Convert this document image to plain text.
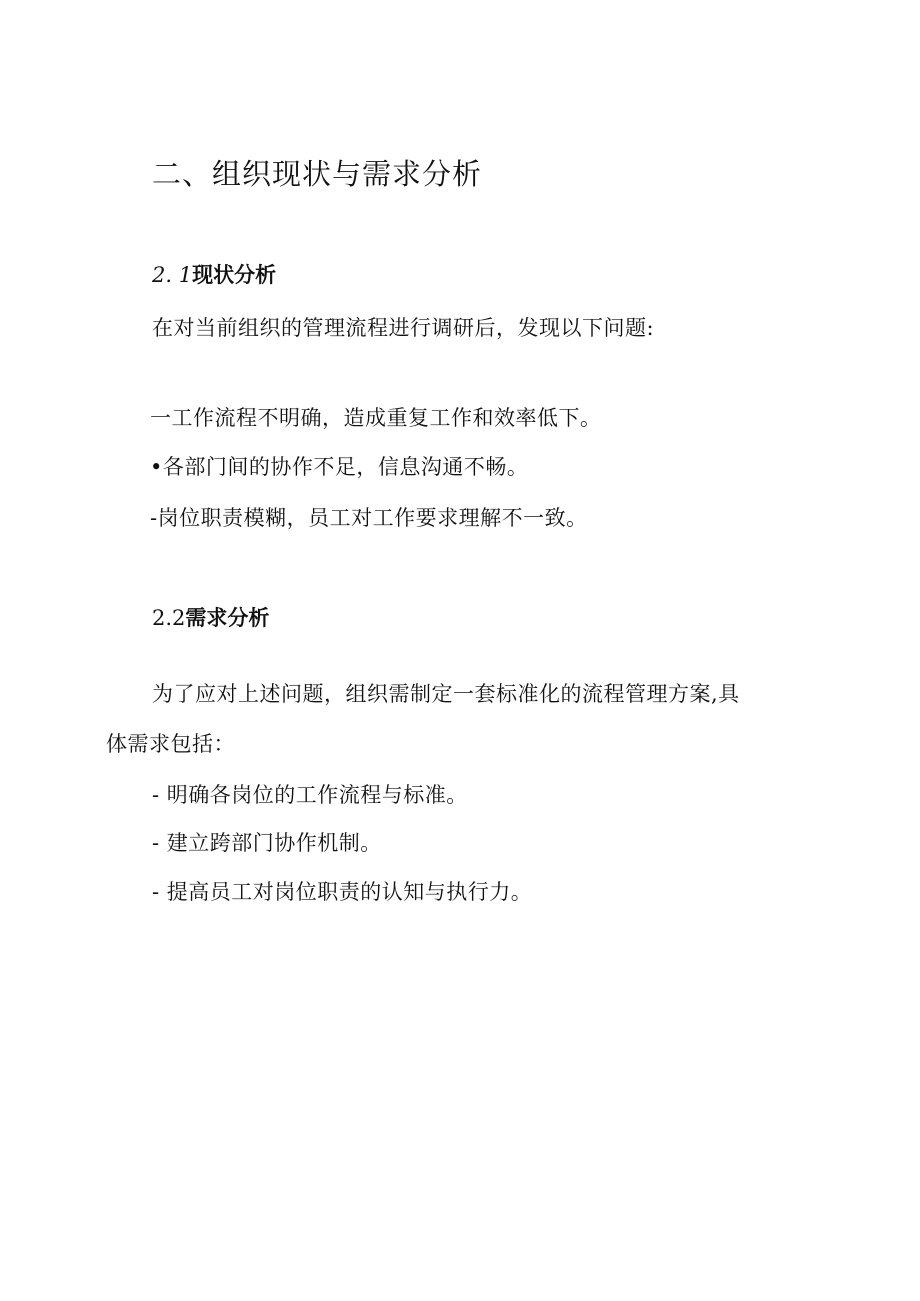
二、组织现状与需求分析
2. 1现状分析
在对当前组织的管理流程进行调研后，发现以下问题:
一工作流程不明确，造成重复工作和效率低下。
•各部门间的协作不足，信息沟通不畅。
-岗位职责模糊，员工对工作要求理解不一致。
2.2需求分析
为了应对上述问题，组织需制定一套标准化的流程管理方案,具
体需求包括：
- 明确各岗位的工作流程与标准。
- 建立跨部门协作机制。
- 提高员工对岗位职责的认知与执行力。
